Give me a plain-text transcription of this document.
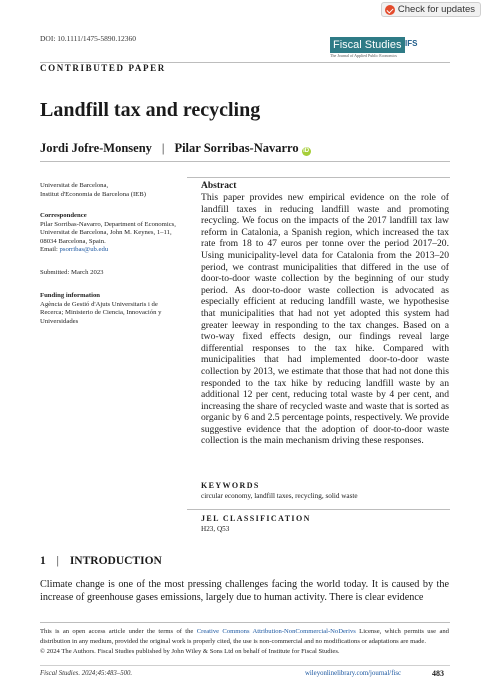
Check for updates
DOI: 10.1111/1475-5890.12360
Fiscal Studies
The Journal of Applied Public Economics
IFS
CONTRIBUTED PAPER
Landfill tax and recycling
Jordi Jofre-Monseny | Pilar Sorribas-Navarro iD
Universitat de Barcelona,
Institut d'Economia de Barcelona (IEB)
Correspondence
Pilar Sorribas-Navarro, Department of Economics,
Universitat de Barcelona, John M. Keynes, 1–11,
08034 Barcelona, Spain.
Email: psorribas@ub.edu
Submitted: March 2023
Funding information
Agència de Gestió d'Ajuts Universitaris i de
Recerca; Ministerio de Ciencia, Innovación y
Universidades
Abstract
This paper provides new empirical evidence on the role of landfill taxes in reducing landfill waste and promoting recycling. We focus on the impacts of the 2017 landfill tax law reform in Catalonia, a Spanish region, which increased the tax rate from 18 to 47 euros per tonne over the period 2017–20. Using municipality-level data for Catalonia from the 2013–20 period, we contrast municipalities that differed in the use of door-to-door waste collection by the beginning of our study period. As door-to-door waste collection is advocated as especially efficient at reducing landfill waste, we hypothesise that municipalities that had not yet adopted this system had greater leeway in responding to the tax changes. Based on a two-way fixed effects design, our findings reveal large differential responses to the tax hike. Compared with municipalities that had implemented door-to-door waste collection by 2013, we estimate that those that had not done this responded to the tax hike by reducing landfill waste by an additional 12 per cent, reducing total waste by 4 per cent, and increasing the share of recycled waste and waste that is sorted as organic by 6 and 2.5 percentage points, respectively. We provide suggestive evidence that the adoption of door-to-door waste collection is the main mechanism driving these responses.
KEYWORDS
circular economy, landfill taxes, recycling, solid waste
JEL CLASSIFICATION
H23, Q53
1 | INTRODUCTION
Climate change is one of the most pressing challenges facing the world today. It is caused by the increase of greenhouse gases emissions, largely due to human activity. There is clear evidence
This is an open access article under the terms of the Creative Commons Attribution-NonCommercial-NoDerivs License, which permits use and distribution in any medium, provided the original work is properly cited, the use is non-commercial and no modifications or adaptations are made.
© 2024 The Authors. Fiscal Studies published by John Wiley & Sons Ltd on behalf of Institute for Fiscal Studies.
Fiscal Studies. 2024;45:483–500.	wileyonlinelibrary.com/journal/fisc	483
